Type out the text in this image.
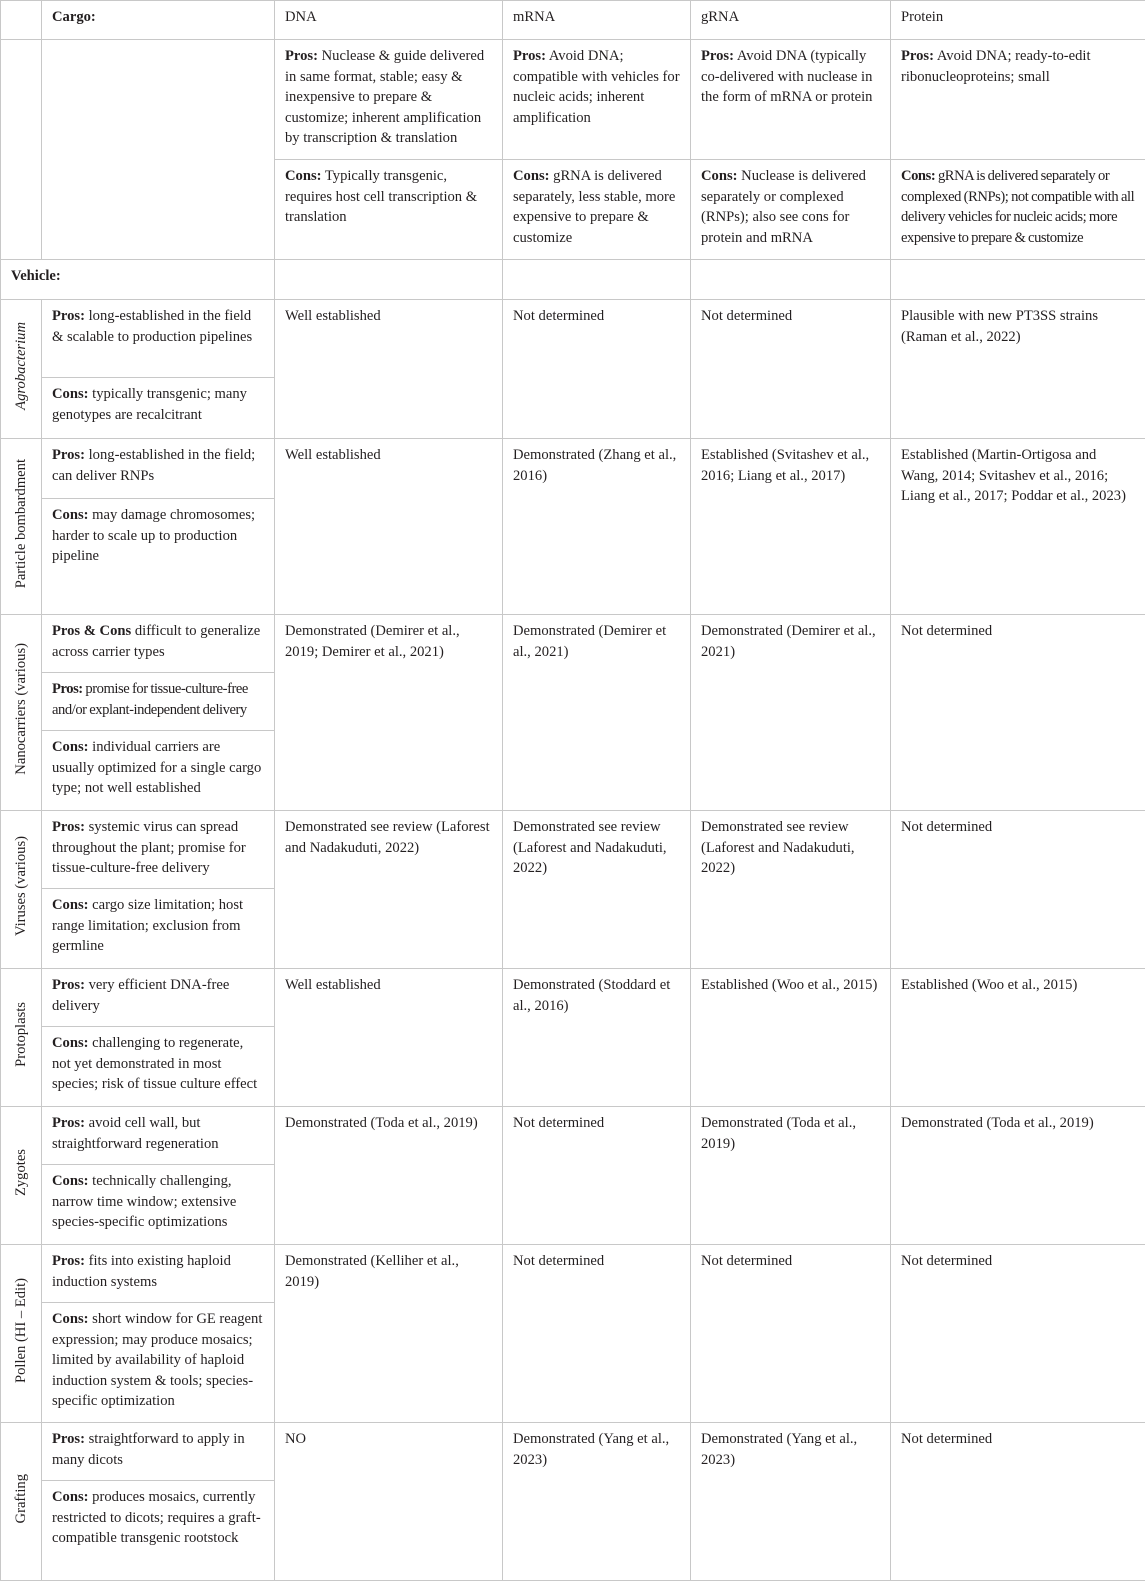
	Cargo:	DNA	mRNA	gRNA	Protein
		Pros: Nuclease & guide delivered in same format, stable; easy & inexpensive to prepare & customize; inherent amplification by transcription & translation	Pros: Avoid DNA; compatible with vehicles for nucleic acids; inherent amplification	Pros: Avoid DNA (typically co-delivered with nuclease in the form of mRNA or protein	Pros: Avoid DNA; ready-to-edit ribonucleoproteins; small
		Cons: Typically transgenic, requires host cell transcription & translation	Cons: gRNA is delivered separately, less stable, more expensive to prepare & customize	Cons: Nuclease is delivered separately or complexed (RNPs); also see cons for protein and mRNA	Cons: gRNA is delivered separately or complexed (RNPs); not compatible with all delivery vehicles for nucleic acids; more expensive to prepare & customize
Vehicle:					
Agrobacterium	Pros: long-established in the field & scalable to production pipelines	Well established	Not determined	Not determined	Plausible with new PT3SS strains (Raman et al., 2022)
	Cons: typically transgenic; many genotypes are recalcitrant				
Particle bombardment	Pros: long-established in the field; can deliver RNPs	Well established	Demonstrated (Zhang et al., 2016)	Established (Svitashev et al., 2016; Liang et al., 2017)	Established (Martin-Ortigosa and Wang, 2014; Svitashev et al., 2016; Liang et al., 2017; Poddar et al., 2023)
	Cons: may damage chromosomes; harder to scale up to production pipeline				
Nanocarriers (various)	Pros & Cons difficult to generalize across carrier types	Demonstrated (Demirer et al., 2019; Demirer et al., 2021)	Demonstrated (Demirer et al., 2021)	Demonstrated (Demirer et al., 2021)	Not determined
	Pros: promise for tissue-culture-free and/or explant-independent delivery				
	Cons: individual carriers are usually optimized for a single cargo type; not well established				
Viruses (various)	Pros: systemic virus can spread throughout the plant; promise for tissue-culture-free delivery	Demonstrated see review (Laforest and Nadakuduti, 2022)	Demonstrated see review (Laforest and Nadakuduti, 2022)	Demonstrated see review (Laforest and Nadakuduti, 2022)	Not determined
	Cons: cargo size limitation; host range limitation; exclusion from germline				
Protoplasts	Pros: very efficient DNA-free delivery	Well established	Demonstrated (Stoddard et al., 2016)	Established (Woo et al., 2015)	Established (Woo et al., 2015)
	Cons: challenging to regenerate, not yet demonstrated in most species; risk of tissue culture effect				
Zygotes	Pros: avoid cell wall, but straightforward regeneration	Demonstrated (Toda et al., 2019)	Not determined	Demonstrated (Toda et al., 2019)	Demonstrated (Toda et al., 2019)
	Cons: technically challenging, narrow time window; extensive species-specific optimizations				
Pollen (HI – Edit)	Pros: fits into existing haploid induction systems	Demonstrated (Kelliher et al., 2019)	Not determined	Not determined	Not determined
	Cons: short window for GE reagent expression; may produce mosaics; limited by availability of haploid induction system & tools; species-specific optimization				
Grafting	Pros: straightforward to apply in many dicots	NO	Demonstrated (Yang et al., 2023)	Demonstrated (Yang et al., 2023)	Not determined
	Cons: produces mosaics, currently restricted to dicots; requires a graft-compatible transgenic rootstock				
